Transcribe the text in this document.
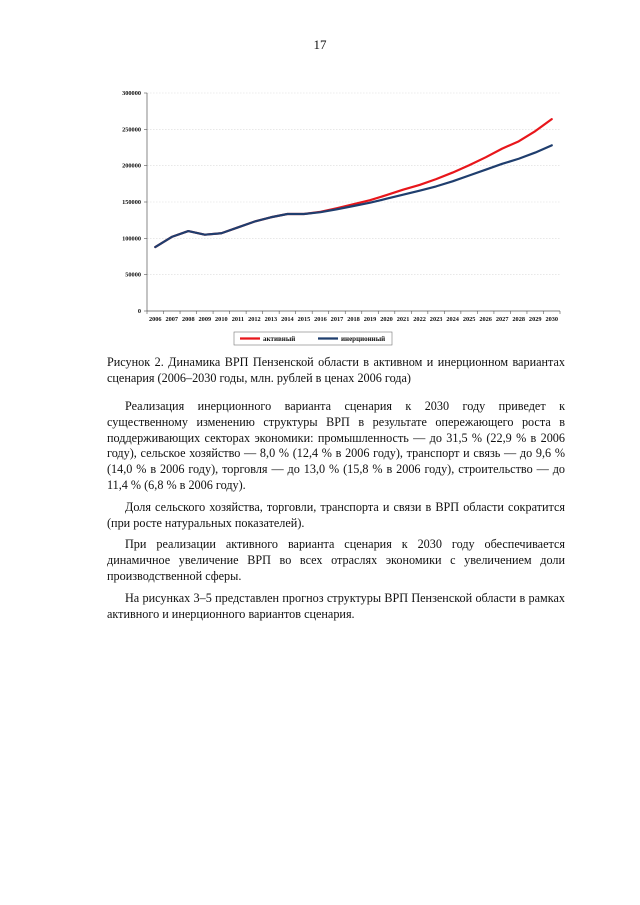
17
0
50000
100000
150000
200000
250000
300000
2006 2007 2008 2009 2010 2011 2012 2013 2014 2015 2016 2017 2018 2019 2020 2021 2022 2023 2024 2025 2026 2027 2028 2029 2030
активный	инерционный
Рисунок 2. Динамика ВРП Пензенской области в активном и инерционном вариантах сценария (2006–2030 годы, млн. рублей в ценах 2006 года)

Реализация инерционного варианта сценария к 2030 году приведет к существенному изменению структуры ВРП в результате опережающего роста в поддерживающих секторах экономики: промышленность — до 31,5 % (22,9 % в 2006 году), сельское хозяйство — 8,0 % (12,4 % в 2006 году), транспорт и связь — до 9,6 % (14,0 % в 2006 году), торговля — до 13,0 % (15,8 % в 2006 году), строительство — до 11,4 % (6,8 % в 2006 году).

Доля сельского хозяйства, торговли, транспорта и связи в ВРП области сократится (при росте натуральных показателей).

При реализации активного варианта сценария к 2030 году обеспечивается динамичное увеличение ВРП во всех отраслях экономики с увеличением доли производственной сферы.

На рисунках 3–5 представлен прогноз структуры ВРП Пензенской области в рамках активного и инерционного вариантов сценария.
